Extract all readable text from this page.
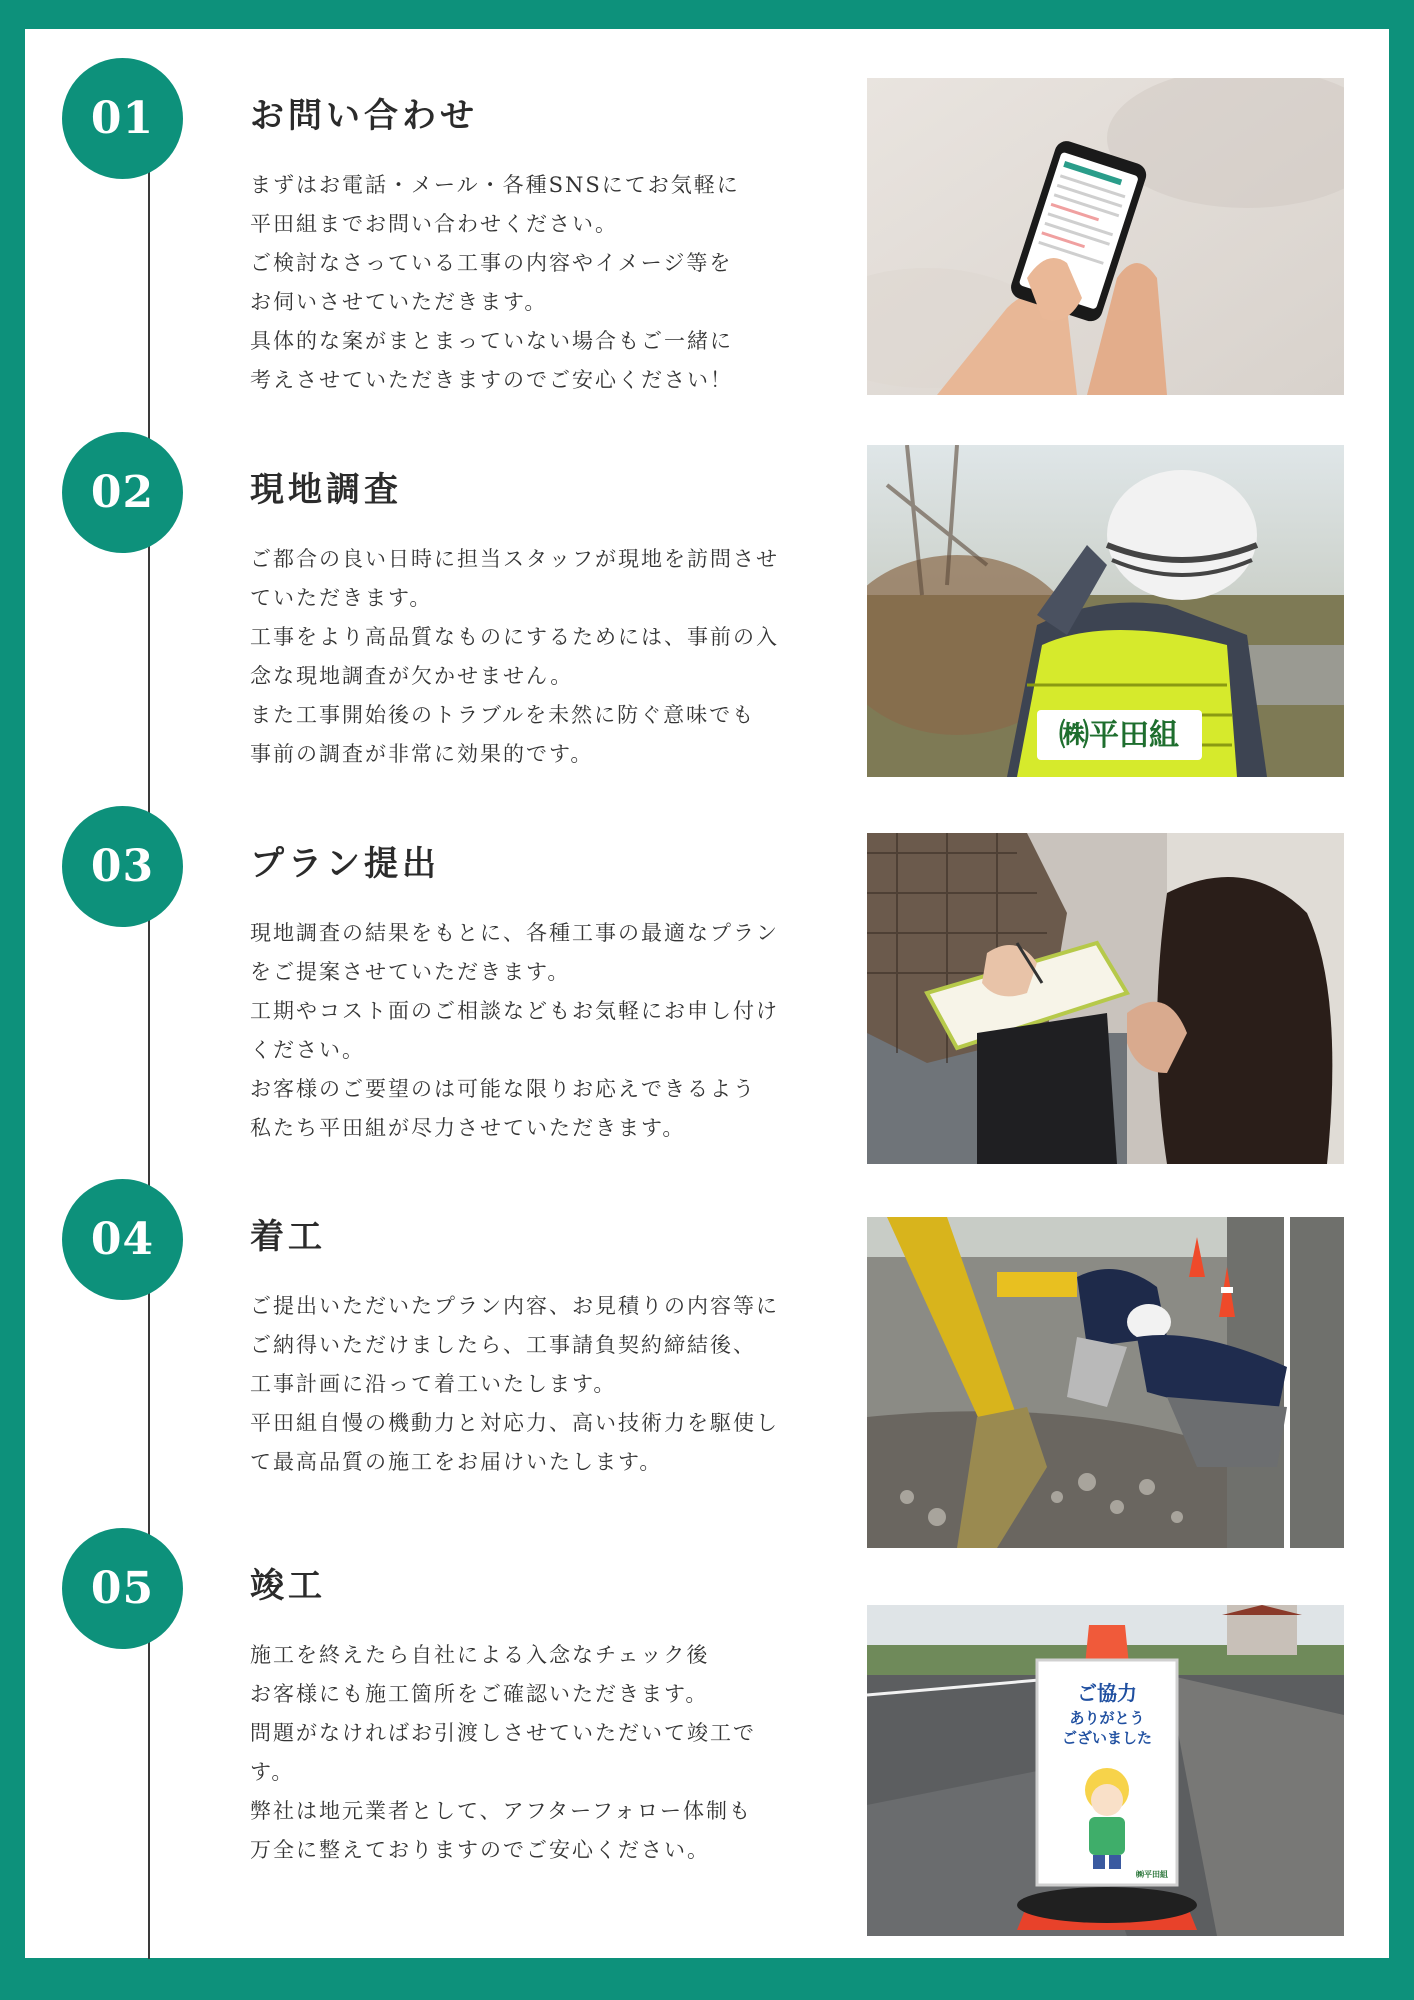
01	お問い合わせ

まずはお電話・メール・各種SNSにてお気軽に

平田組までお問い合わせください。

ご検討なさっている工事の内容やイメージ等を

お伺いさせていただきます。

具体的な案がまとまっていない場合もご一緒に

考えさせていただきますのでご安心ください！

02	現地調査

ご都合の良い日時に担当スタッフが現地を訪問させ

ていただきます。

工事をより高品質なものにするためには、事前の入

念な現地調査が欠かせません。

また工事開始後のトラブルを未然に防ぐ意味でも

事前の調査が非常に効果的です。

㈱平田組
03	プラン提出

現地調査の結果をもとに、各種工事の最適なプラン

をご提案させていただきます。

工期やコスト面のご相談などもお気軽にお申し付け

ください。

お客様のご要望のは可能な限りお応えできるよう

私たち平田組が尽力させていただきます。

04	着工

ご提出いただいたプラン内容、お見積りの内容等に

ご納得いただけましたら、工事請負契約締結後、

工事計画に沿って着工いたします。

平田組自慢の機動力と対応力、高い技術力を駆使し

て最高品質の施工をお届けいたします。

05	竣工

施工を終えたら自社による入念なチェック後

お客様にも施工箇所をご確認いただきます。

問題がなければお引渡しさせていただいて竣工で

す。

弊社は地元業者として、アフターフォロー体制も

万全に整えておりますのでご安心ください。

ご協力
ありがとう
ございました
㈱平田組
